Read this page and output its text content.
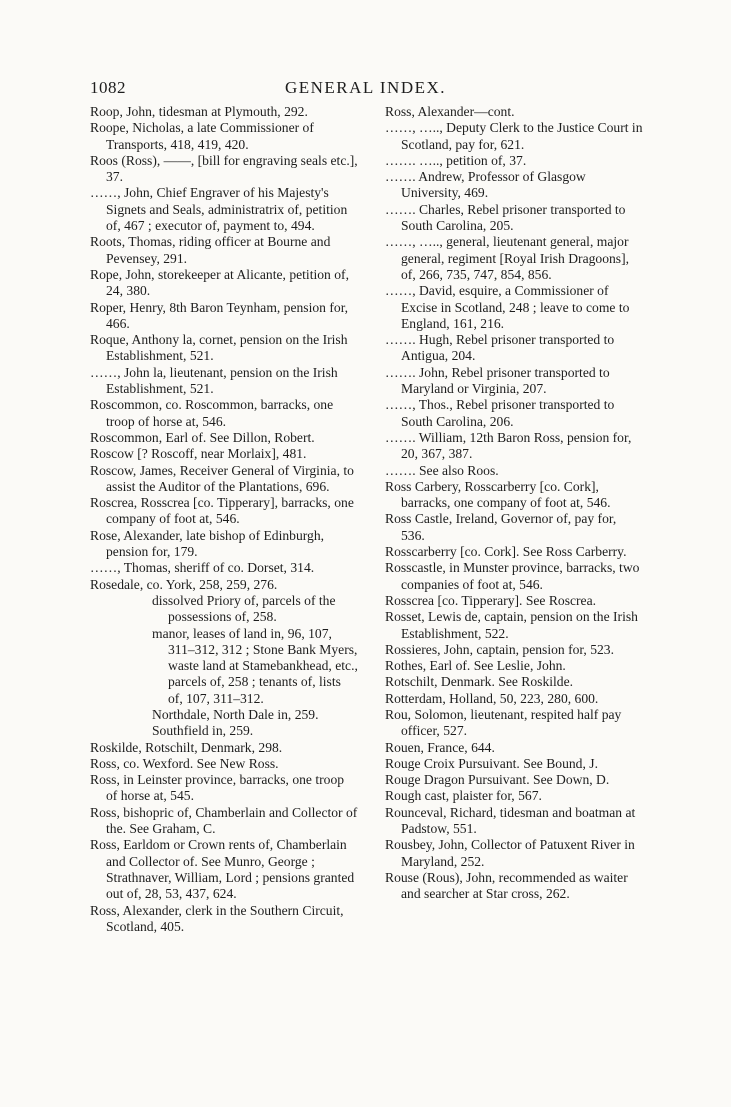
1082	GENERAL INDEX.
Roop, John, tidesman at Plymouth, 292.
Roope, Nicholas, a late Commissioner of Transports, 418, 419, 420.
Roos (Ross), ——, [bill for engraving seals etc.], 37.
……, John, Chief Engraver of his Majesty's Signets and Seals, administratrix of, petition of, 467 ; executor of, payment to, 494.
Roots, Thomas, riding officer at Bourne and Pevensey, 291.
Rope, John, storekeeper at Alicante, petition of, 24, 380.
Roper, Henry, 8th Baron Teynham, pension for, 466.
Roque, Anthony la, cornet, pension on the Irish Establishment, 521.
……, John la, lieutenant, pension on the Irish Establishment, 521.
Roscommon, co. Roscommon, barracks, one troop of horse at, 546.
Roscommon, Earl of. See Dillon, Robert.
Roscow [? Roscoff, near Morlaix], 481.
Roscow, James, Receiver General of Virginia, to assist the Auditor of the Plantations, 696.
Roscrea, Rosscrea [co. Tipperary], barracks, one company of foot at, 546.
Rose, Alexander, late bishop of Edinburgh, pension for, 179.
……, Thomas, sheriff of co. Dorset, 314.
Rosedale, co. York, 258, 259, 276.
dissolved Priory of, parcels of the possessions of, 258.
manor, leases of land in, 96, 107, 311–312, 312 ; Stone Bank Myers, waste land at Stamebankhead, etc., parcels of, 258 ; tenants of, lists of, 107, 311–312.
Northdale, North Dale in, 259.
Southfield in, 259.
Roskilde, Rotschilt, Denmark, 298.
Ross, co. Wexford. See New Ross.
Ross, in Leinster province, barracks, one troop of horse at, 545.
Ross, bishopric of, Chamberlain and Collector of the. See Graham, C.
Ross, Earldom or Crown rents of, Chamberlain and Collector of. See Munro, George ; Strathnaver, William, Lord ; pensions granted out of, 28, 53, 437, 624.
Ross, Alexander, clerk in the Southern Circuit, Scotland, 405.
Ross, Alexander—cont.
……, ….., Deputy Clerk to the Justice Court in Scotland, pay for, 621.
……. ….., petition of, 37.
……. Andrew, Professor of Glasgow University, 469.
……. Charles, Rebel prisoner transported to South Carolina, 205.
……, ….., general, lieutenant general, major general, regiment [Royal Irish Dragoons], of, 266, 735, 747, 854, 856.
……, David, esquire, a Commissioner of Excise in Scotland, 248 ; leave to come to England, 161, 216.
……. Hugh, Rebel prisoner transported to Antigua, 204.
……. John, Rebel prisoner transported to Maryland or Virginia, 207.
……, Thos., Rebel prisoner transported to South Carolina, 206.
……. William, 12th Baron Ross, pension for, 20, 367, 387.
……. See also Roos.
Ross Carbery, Rosscarberry [co. Cork], barracks, one company of foot at, 546.
Ross Castle, Ireland, Governor of, pay for, 536.
Rosscarberry [co. Cork]. See Ross Carberry.
Rosscastle, in Munster province, barracks, two companies of foot at, 546.
Rosscrea [co. Tipperary]. See Roscrea.
Rosset, Lewis de, captain, pension on the Irish Establishment, 522.
Rossieres, John, captain, pension for, 523.
Rothes, Earl of. See Leslie, John.
Rotschilt, Denmark. See Roskilde.
Rotterdam, Holland, 50, 223, 280, 600.
Rou, Solomon, lieutenant, respited half pay officer, 527.
Rouen, France, 644.
Rouge Croix Pursuivant. See Bound, J.
Rouge Dragon Pursuivant. See Down, D.
Rough cast, plaister for, 567.
Rounceval, Richard, tidesman and boatman at Padstow, 551.
Rousbey, John, Collector of Patuxent River in Maryland, 252.
Rouse (Rous), John, recommended as waiter and searcher at Star cross, 262.
